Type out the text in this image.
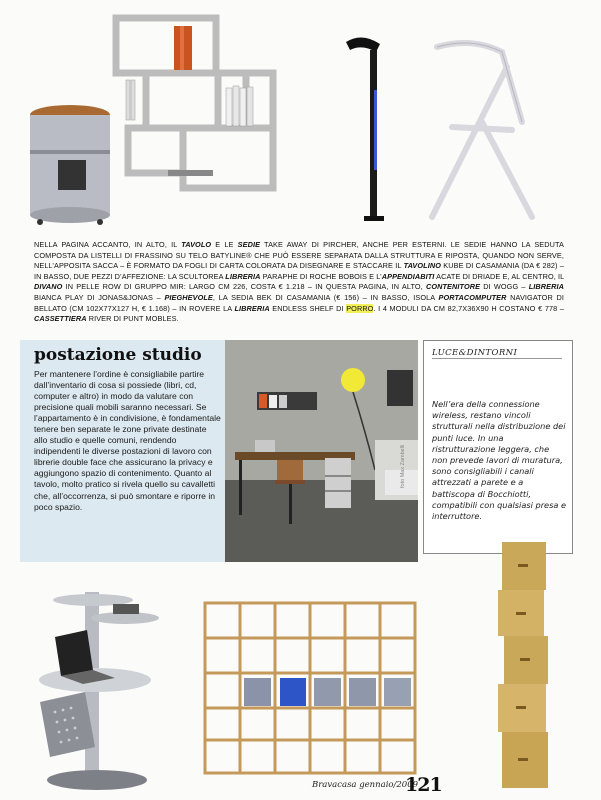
NELLA PAGINA ACCANTO, IN ALTO, IL TAVOLO E LE SEDIE TAKE AWAY DI PIRCHER, ANCHE PER ESTERNI. LE SEDIE HANNO LA SEDUTA COMPOSTA DA LISTELLI DI FRASSINO SU TELO BATYLINE® CHE PUÒ ESSERE SEPARATA DALLA STRUTTURA E RIPOSTA, QUANDO NON SERVE, NELL’APPOSITA SACCA – È FORMATO DA FOGLI DI CARTA COLORATA DA DISEGNARE E STACCARE IL TAVOLINO KUBE DI CASAMANIA (DA € 282) – IN BASSO, DUE PEZZI D’AFFEZIONE: LA SCULTOREA LIBRERIA PARAPHE DI ROCHE BOBOIS E L’APPENDIABITI ACATE DI DRIADE E, AL CENTRO, IL DIVANO IN PELLE ROW DI GRUPPO MIR: LARGO CM 226, COSTA € 1.218 – IN QUESTA PAGINA, IN ALTO, CONTENITORE DI WOGG – LIBRERIA BIANCA PLAY DI JONAS&JONAS – PIEGHEVOLE, LA SEDIA BEK DI CASAMANIA (€ 156) – IN BASSO, ISOLA PORTACOMPUTER NAVIGATOR DI BELLATO (CM 102X77X127 H, € 1.168) – IN ROVERE LA LIBRERIA ENDLESS SHELF DI PORRO. I 4 MODULI DA CM 82,7X36X90 H COSTANO € 778 – CASSETTIERA RIVER DI PUNT MOBLES.
postazione studio
Per mantenere l’ordine è consigliabile partire dall’inventario di cosa si possiede (libri, cd, computer e altro) in modo da valutare con precisione quali mobili saranno necessari. Se l’appartamento è in condivisione, è fondamentale tenere ben separate le zone private destinate allo studio e quelle comuni, rendendo indipendenti le diverse postazioni di lavoro con librerie double face che assicurano la privacy e aggiungono spazio di contenimento. Quanto al tavolo, molto pratico si rivela quello su cavalletti che, all’occorrenza, si può smontare e riporre in poco spazio.
foto Max Zambelli
LUCE&DINTORNI
Nell’era della connessione wireless, restano vincoli strutturali nella distribuzione dei punti luce. In una ristrutturazione leggera, che non prevede lavori di muratura, sono consigliabili i canali attrezzati a parete e a battiscopa di Bocchiotti, compatibili con qualsiasi presa e interruttore.
Bravacasa gennaio/2009
121
